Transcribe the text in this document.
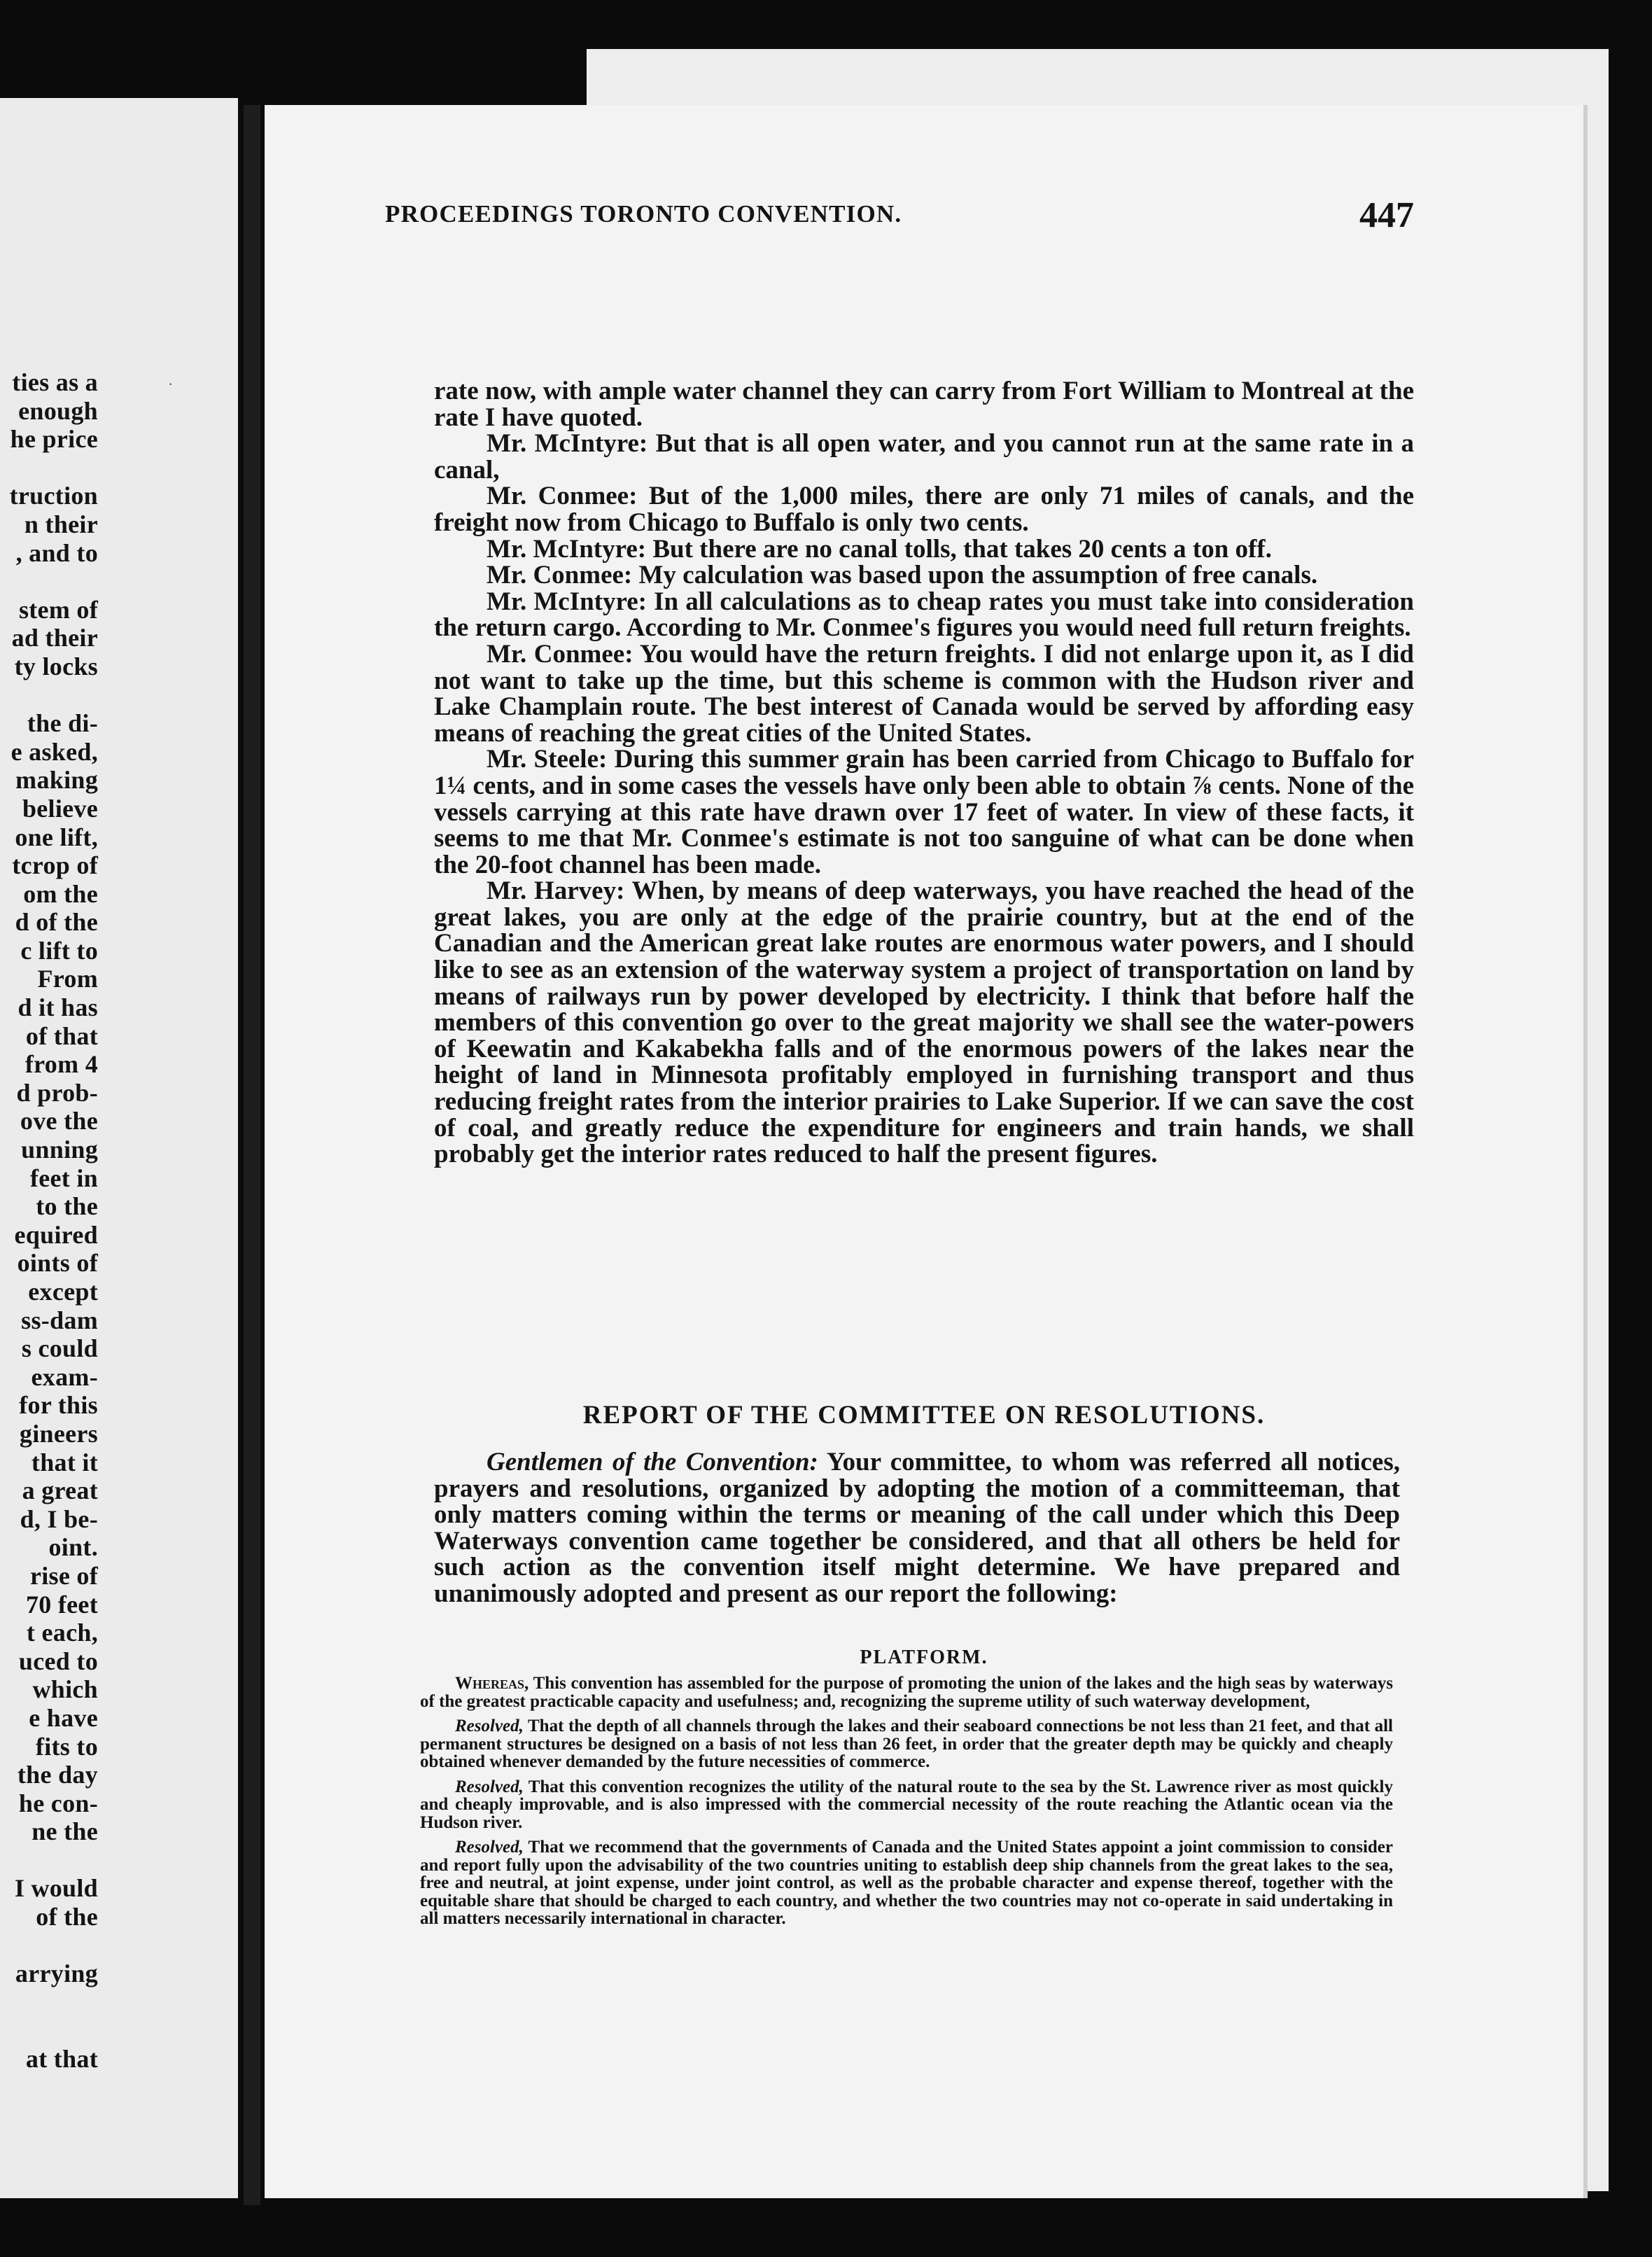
ties as a
enough
he price
truction
n their
, and to
stem of
ad their
ty locks
the di-
e asked,
making
believe
one lift,
tcrop of
om the
d of the
c lift to
From
d it has
of that
from 4
d prob-
ove the
unning
feet in
to the
equired
oints of
except
ss-dam
s could
exam-
for this
gineers
that it
a great
d, I be-
oint.
rise of
70 feet
t each,
uced to
which
e have
fits to
the day
he con-
ne the
I would
of the
arrying
at that
·
PROCEEDINGS TORONTO CONVENTION.	447

rate now, with ample water channel they can carry from Fort William to Montreal at the rate I have quoted.

Mr. McIntyre: But that is all open water, and you cannot run at the same rate in a canal,

Mr. Conmee: But of the 1,000 miles, there are only 71 miles of canals, and the freight now from Chicago to Buffalo is only two cents.

Mr. McIntyre: But there are no canal tolls, that takes 20 cents a ton off.

Mr. Conmee: My calculation was based upon the assumption of free canals.

Mr. McIntyre: In all calculations as to cheap rates you must take into consideration the return cargo. According to Mr. Conmee's figures you would need full return freights.

Mr. Conmee: You would have the return freights. I did not enlarge upon it, as I did not want to take up the time, but this scheme is common with the Hudson river and Lake Champlain route. The best interest of Canada would be served by affording easy means of reaching the great cities of the United States.

Mr. Steele: During this summer grain has been carried from Chicago to Buffalo for 1¼ cents, and in some cases the vessels have only been able to obtain ⅞ cents. None of the vessels carrying at this rate have drawn over 17 feet of water. In view of these facts, it seems to me that Mr. Conmee's estimate is not too sanguine of what can be done when the 20-foot channel has been made.

Mr. Harvey: When, by means of deep waterways, you have reached the head of the great lakes, you are only at the edge of the prairie country, but at the end of the Canadian and the American great lake routes are enormous water powers, and I should like to see as an extension of the waterway system a project of transportation on land by means of railways run by power developed by electricity. I think that before half the members of this convention go over to the great majority we shall see the water-powers of Keewatin and Kakabekha falls and of the enormous powers of the lakes near the height of land in Minnesota profitably employed in furnishing transport and thus reducing freight rates from the interior prairies to Lake Superior. If we can save the cost of coal, and greatly reduce the expenditure for engineers and train hands, we shall probably get the interior rates reduced to half the present figures.

REPORT OF THE COMMITTEE ON RESOLUTIONS.

Gentlemen of the Convention: Your committee, to whom was referred all notices, prayers and resolutions, organized by adopting the motion of a committeeman, that only matters coming within the terms or meaning of the call under which this Deep Waterways convention came together be considered, and that all others be held for such action as the convention itself might determine. We have prepared and unanimously adopted and present as our report the following:

PLATFORM.

Whereas, This convention has assembled for the purpose of promoting the union of the lakes and the high seas by waterways of the greatest practicable capacity and usefulness; and, recognizing the supreme utility of such waterway development,

Resolved, That the depth of all channels through the lakes and their seaboard connections be not less than 21 feet, and that all permanent structures be designed on a basis of not less than 26 feet, in order that the greater depth may be quickly and cheaply obtained whenever demanded by the future necessities of commerce.

Resolved, That this convention recognizes the utility of the natural route to the sea by the St. Lawrence river as most quickly and cheaply improvable, and is also impressed with the commercial necessity of the route reaching the Atlantic ocean via the Hudson river.

Resolved, That we recommend that the governments of Canada and the United States appoint a joint commission to consider and report fully upon the advisability of the two countries uniting to establish deep ship channels from the great lakes to the sea, free and neutral, at joint expense, under joint control, as well as the probable character and expense thereof, together with the equitable share that should be charged to each country, and whether the two countries may not co-operate in said undertaking in all matters necessarily international in character.
